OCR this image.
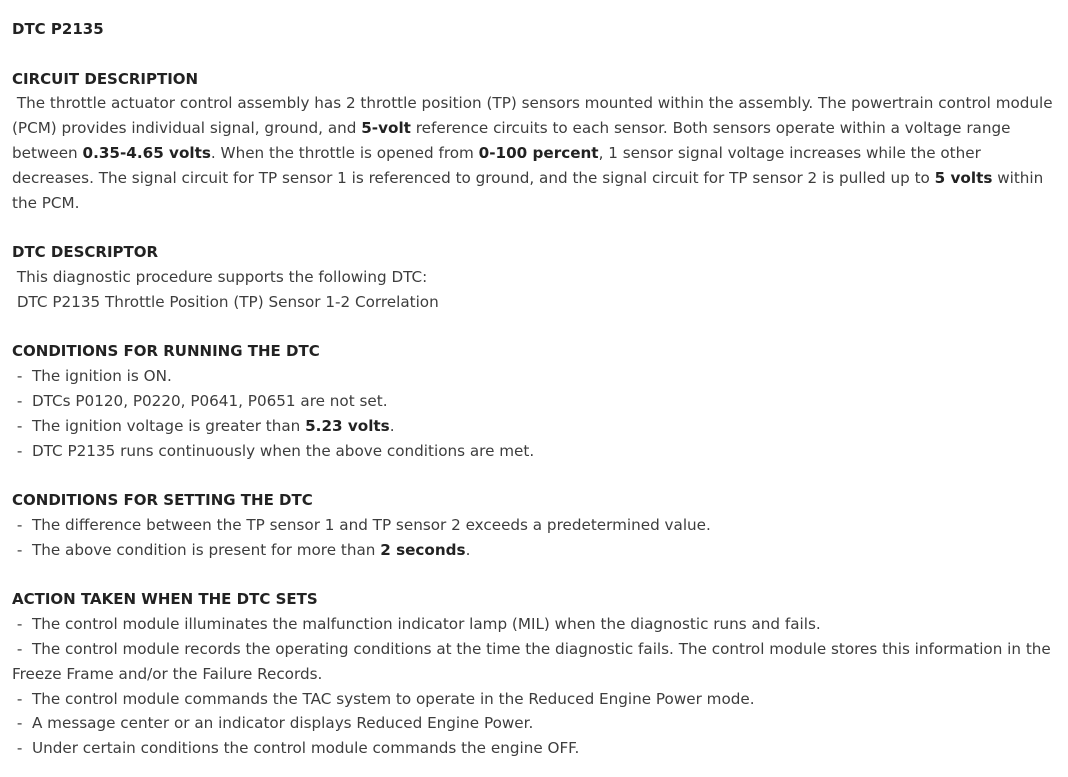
DTC P2135
CIRCUIT DESCRIPTION

The throttle actuator control assembly has 2 throttle position (TP) sensors mounted within the assembly. The powertrain control module (PCM) provides individual signal, ground, and 5-volt reference circuits to each sensor. Both sensors operate within a voltage range between 0.35-4.65 volts. When the throttle is opened from 0-100 percent, 1 sensor signal voltage increases while the other decreases. The signal circuit for TP sensor 1 is referenced to ground, and the signal circuit for TP sensor 2 is pulled up to 5 volts within the PCM.

DTC DESCRIPTOR
This diagnostic procedure supports the following DTC:
DTC P2135 Throttle Position (TP) Sensor 1-2 Correlation
CONDITIONS FOR RUNNING THE DTC
-  The ignition is ON.
-  DTCs P0120, P0220, P0641, P0651 are not set.
-  The ignition voltage is greater than 5.23 volts.
-  DTC P2135 runs continuously when the above conditions are met.
CONDITIONS FOR SETTING THE DTC
-  The difference between the TP sensor 1 and TP sensor 2 exceeds a predetermined value.
-  The above condition is present for more than 2 seconds.
ACTION TAKEN WHEN THE DTC SETS
-  The control module illuminates the malfunction indicator lamp (MIL) when the diagnostic runs and fails.
-  The control module records the operating conditions at the time the diagnostic fails. The control module stores this information in the Freeze Frame and/or the Failure Records.
-  The control module commands the TAC system to operate in the Reduced Engine Power mode.
-  A message center or an indicator displays Reduced Engine Power.
-  Under certain conditions the control module commands the engine OFF.
